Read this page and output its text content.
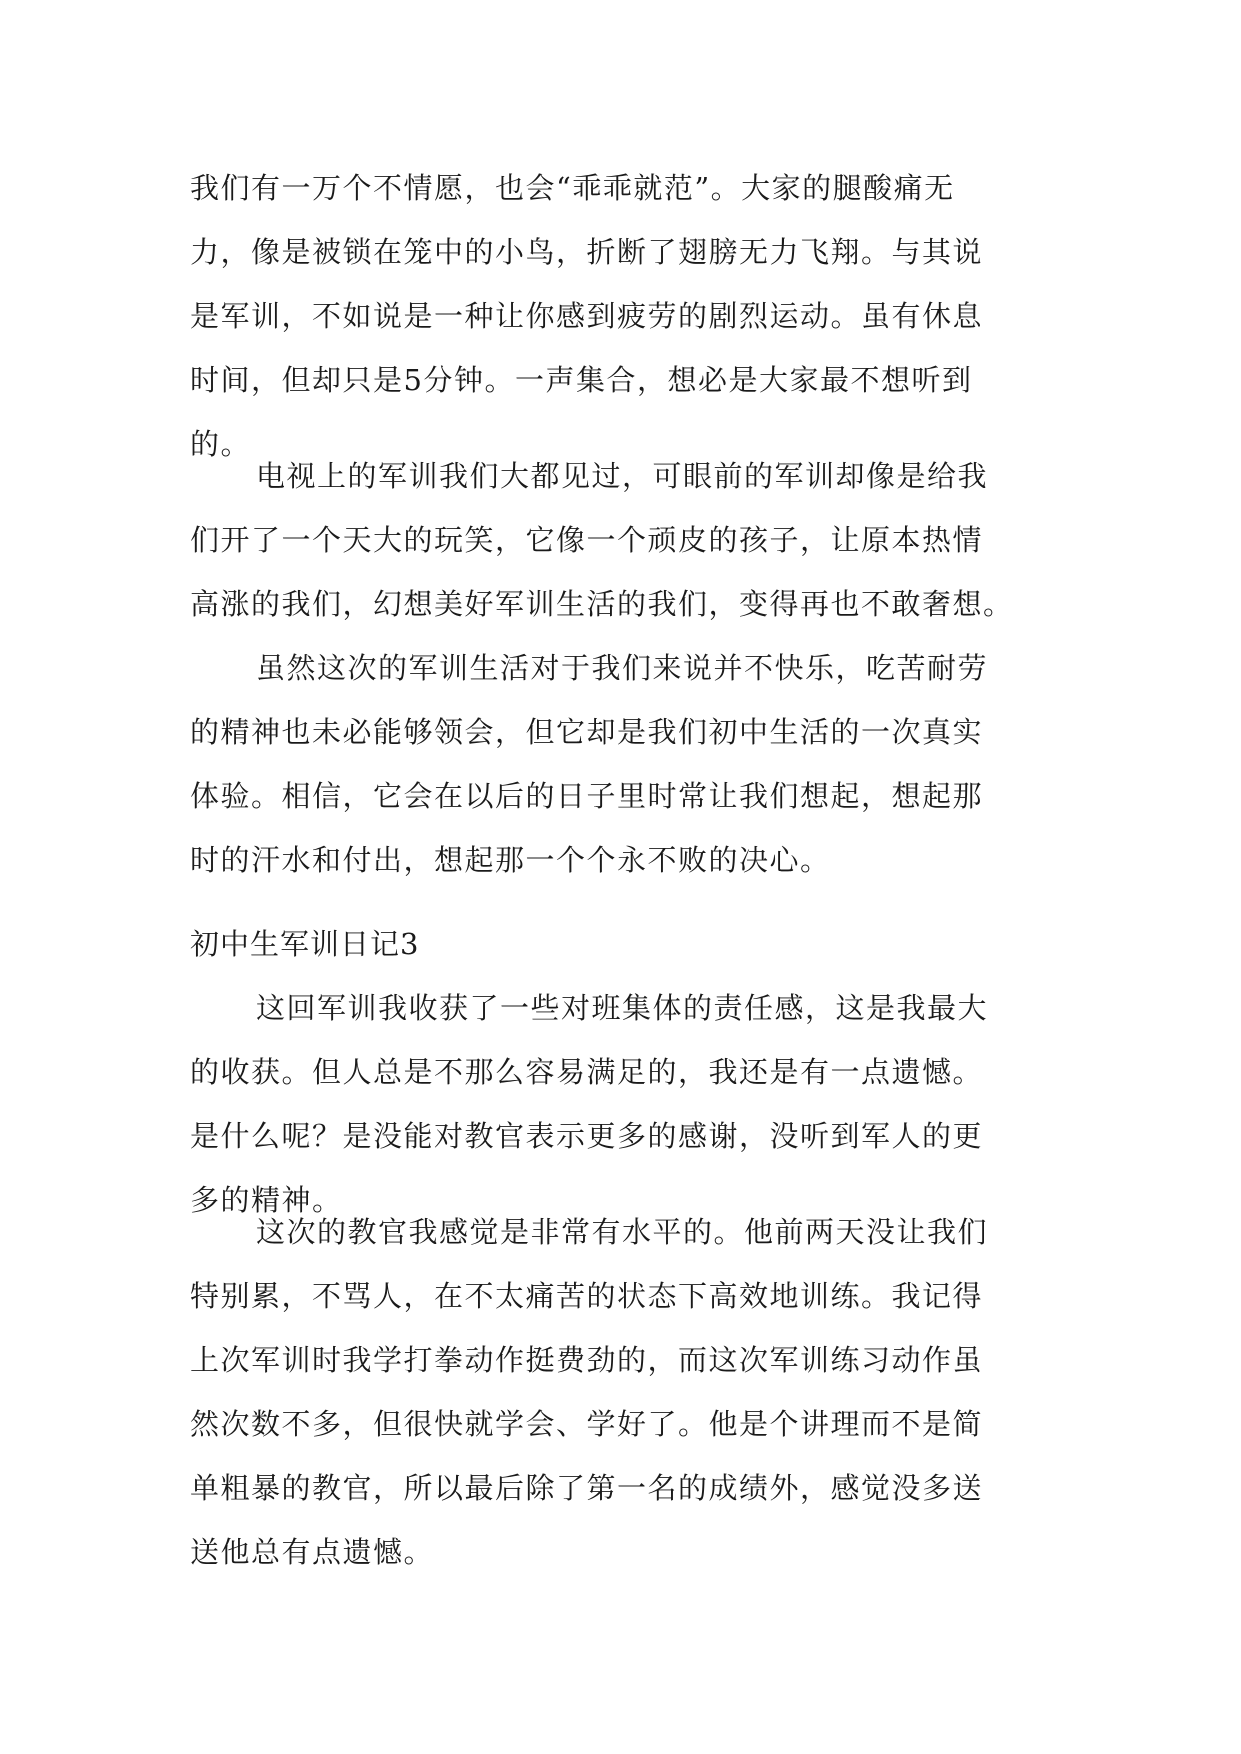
我们有一万个不情愿，也会“乖乖就范”。大家的腿酸痛无
力，像是被锁在笼中的小鸟，折断了翅膀无力飞翔。与其说
是军训，不如说是一种让你感到疲劳的剧烈运动。虽有休息
时间，但却只是5分钟。一声集合，想必是大家最不想听到
的。

电视上的军训我们大都见过，可眼前的军训却像是给我
们开了一个天大的玩笑，它像一个顽皮的孩子，让原本热情
高涨的我们，幻想美好军训生活的我们，变得再也不敢奢想。

虽然这次的军训生活对于我们来说并不快乐，吃苦耐劳
的精神也未必能够领会，但它却是我们初中生活的一次真实
体验。相信，它会在以后的日子里时常让我们想起，想起那
时的汗水和付出，想起那一个个永不败的决心。

初中生军训日记3

这回军训我收获了一些对班集体的责任感，这是我最大
的收获。但人总是不那么容易满足的，我还是有一点遗憾。
是什么呢？是没能对教官表示更多的感谢，没听到军人的更
多的精神。

这次的教官我感觉是非常有水平的。他前两天没让我们
特别累，不骂人，在不太痛苦的状态下高效地训练。我记得
上次军训时我学打拳动作挺费劲的，而这次军训练习动作虽
然次数不多，但很快就学会、学好了。他是个讲理而不是简
单粗暴的教官，所以最后除了第一名的成绩外，感觉没多送
送他总有点遗憾。
